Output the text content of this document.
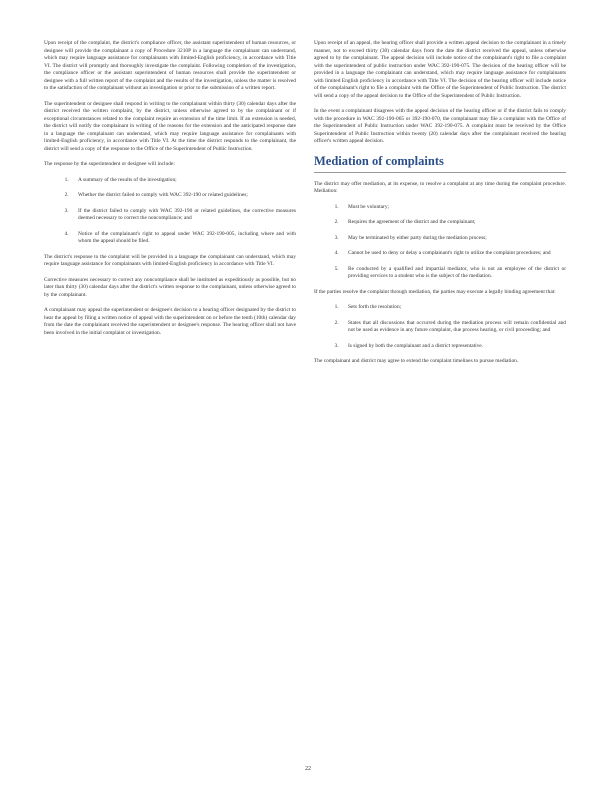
Upon receipt of the complaint, the district's compliance officer, the assistant superintendent of human resources, or designee will provide the complainant a copy of Procedure 3210P in a language the complainant can understand, which may require language assistance for complainants with limited-English proficiency, in accordance with Title VI. The district will promptly and thoroughly investigate the complaint. Following completion of the investigation, the compliance officer or the assistant superintendent of human resources shall provide the superintendent or designee with a full written report of the complaint and the results of the investigation, unless the matter is resolved to the satisfaction of the complainant without an investigation or prior to the submission of a written report.

The superintendent or designee shall respond in writing to the complainant within thirty (30) calendar days after the district received the written complaint, by the district, unless otherwise agreed to by the complainant or if exceptional circumstances related to the complaint require an extension of the time limit. If an extension is needed, the district will notify the complainant in writing of the reasons for the extension and the anticipated response date in a language the complainant can understand, which may require language assistance for complainants with limited-English proficiency, in accordance with Title VI. At the time the district responds to the complainant, the district will send a copy of the response to the Office of the Superintendent of Public Instruction.

The response by the superintendent or designee will include:

1. A summary of the results of the investigation;
2. Whether the district failed to comply with WAC 392-190 or related guidelines;
3. If the district failed to comply with WAC 392-190 or related guidelines, the corrective measures deemed necessary to correct the noncompliance; and
4. Notice of the complainant's right to appeal under WAC 392-190-005, including where and with whom the appeal should be filed.

The district's response to the complaint will be provided in a language the complainant can understand, which may require language assistance for complainants with limited-English proficiency in accordance with Title VI.

Corrective measures necessary to correct any noncompliance shall be instituted as expeditiously as possible, but no later than thirty (30) calendar days after the district's written response to the complainant, unless otherwise agreed to by the complainant.

A complainant may appeal the superintendent or designee's decision to a hearing officer designated by the district to hear the appeal by filing a written notice of appeal with the superintendent on or before the tenth (10th) calendar day from the date the complainant received the superintendent or designee's response. The hearing officer shall not have been involved in the initial complaint or investigation.

Upon receipt of an appeal, the hearing officer shall provide a written appeal decision to the complainant in a timely manner, not to exceed thirty (30) calendar days from the date the district received the appeal, unless otherwise agreed to by the complainant. The appeal decision will include notice of the complainant's right to file a complaint with the superintendent of public instruction under WAC 392-190-075. The decision of the hearing officer will be provided in a language the complainant can understand, which may require language assistance for complainants with limited English proficiency in accordance with Title VI. The decision of the hearing officer will include notice of the complainant's right to file a complaint with the Office of the Superintendent of Public Instruction. The district will send a copy of the appeal decision to the Office of the Superintendent of Public Instruction.

In the event a complainant disagrees with the appeal decision of the hearing officer or if the district fails to comply with the procedure in WAC 392-190-065 or 392-190-070, the complainant may file a complaint with the Office of the Superintendent of Public Instruction under WAC 392-190-075. A complaint must be received by the Office Superintendent of Public Instruction within twenty (20) calendar days after the complainant received the hearing officer's written appeal decision.

Mediation of complaints

The district may offer mediation, at its expense, to resolve a complaint at any time during the complaint procedure. Mediation:

1. Must be voluntary;
2. Requires the agreement of the district and the complainant;
3. May be terminated by either party during the mediation process;
4. Cannot be used to deny or delay a complainant's right to utilize the complaint procedures; and
5. Be conducted by a qualified and impartial mediator, who is not an employee of the district or providing services to a student who is the subject of the mediation.

If the parties resolve the complaint through mediation, the parties may execute a legally binding agreement that:

1. Sets forth the resolution;
2. States that all discussions that occurred during the mediation process will remain confidential and not be used as evidence in any future complaint, due process hearing, or civil proceeding; and
3. Is signed by both the complainant and a district representative.

The complainant and district may agree to extend the complaint timelines to pursue mediation.

22
